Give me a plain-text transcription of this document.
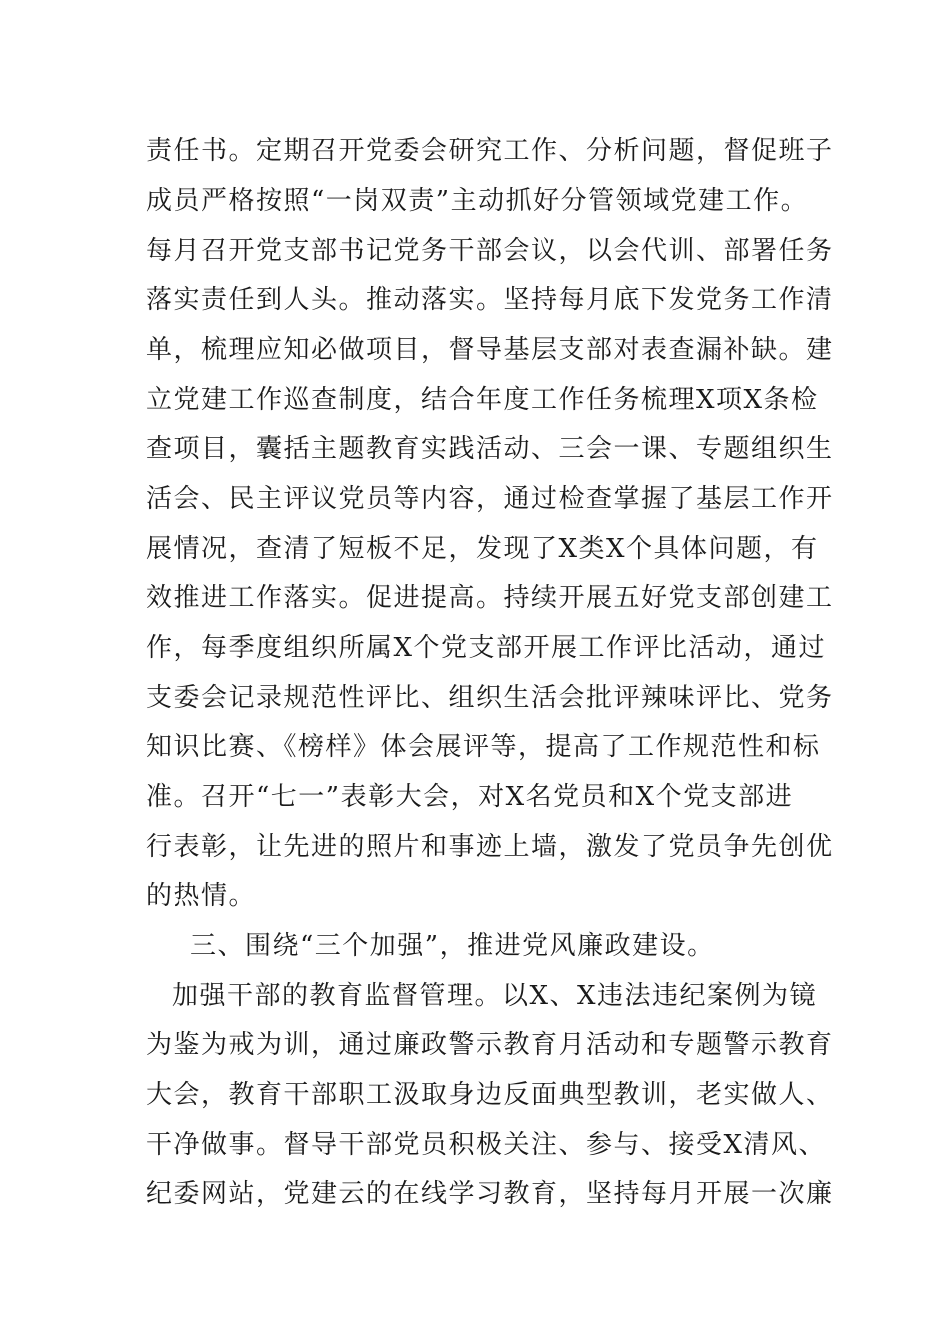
责任书。定期召开党委会研究工作、分析问题，督促班子
成员严格按照“一岗双责”主动抓好分管领域党建工作。
每月召开党支部书记党务干部会议，以会代训、部署任务
落实责任到人头。推动落实。坚持每月底下发党务工作清
单，梳理应知必做项目，督导基层支部对表查漏补缺。建
立党建工作巡查制度，结合年度工作任务梳理X项X条检
查项目，囊括主题教育实践活动、三会一课、专题组织生
活会、民主评议党员等内容，通过检查掌握了基层工作开
展情况，查清了短板不足，发现了X类X个具体问题，有
效推进工作落实。促进提高。持续开展五好党支部创建工
作，每季度组织所属X个党支部开展工作评比活动，通过
支委会记录规范性评比、组织生活会批评辣味评比、党务
知识比赛、《榜样》体会展评等，提高了工作规范性和标
准。召开“七一”表彰大会，对X名党员和X个党支部进
行表彰，让先进的照片和事迹上墙，激发了党员争先创优
的热情。
三、围绕“三个加强”，推进党风廉政建设。
加强干部的教育监督管理。以X、X违法违纪案例为镜
为鉴为戒为训，通过廉政警示教育月活动和专题警示教育
大会，教育干部职工汲取身边反面典型教训，老实做人、
干净做事。督导干部党员积极关注、参与、接受X清风、
纪委网站，党建云的在线学习教育，坚持每月开展一次廉
